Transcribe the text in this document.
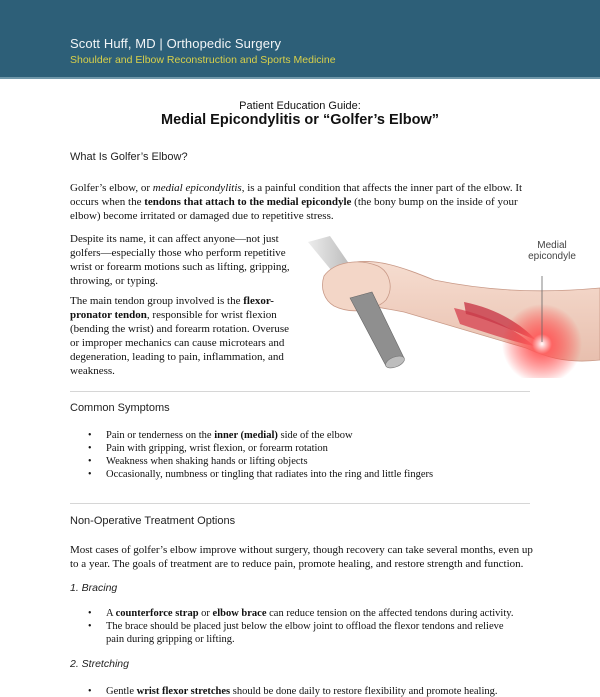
Scott Huff, MD | Orthopedic Surgery
Shoulder and Elbow Reconstruction and Sports Medicine
Patient Education Guide:
Medial Epicondylitis or “Golfer’s Elbow”
What Is Golfer’s Elbow?
Golfer’s elbow, or medial epicondylitis, is a painful condition that affects the inner part of the elbow. It occurs when the tendons that attach to the medial epicondyle (the bony bump on the inside of your elbow) become irritated or damaged due to repetitive stress.
Despite its name, it can affect anyone—not just golfers—especially those who perform repetitive wrist or forearm motions such as lifting, gripping, throwing, or typing.
The main tendon group involved is the flexor-pronator tendon, responsible for wrist flexion (bending the wrist) and forearm rotation. Overuse or improper mechanics can cause microtears and degeneration, leading to pain, inflammation, and weakness.
Medial
epicondyle
Common Symptoms
• Pain or tenderness on the inner (medial) side of the elbow
• Pain with gripping, wrist flexion, or forearm rotation
• Weakness when shaking hands or lifting objects
• Occasionally, numbness or tingling that radiates into the ring and little fingers
Non-Operative Treatment Options
Most cases of golfer’s elbow improve without surgery, though recovery can take several months, even up to a year. The goals of treatment are to reduce pain, promote healing, and restore strength and function.
1. Bracing
• A counterforce strap or elbow brace can reduce tension on the affected tendons during activity.
• The brace should be placed just below the elbow joint to offload the flexor tendons and relieve pain during gripping or lifting.
2. Stretching
• Gentle wrist flexor stretches should be done daily to restore flexibility and promote healing.
